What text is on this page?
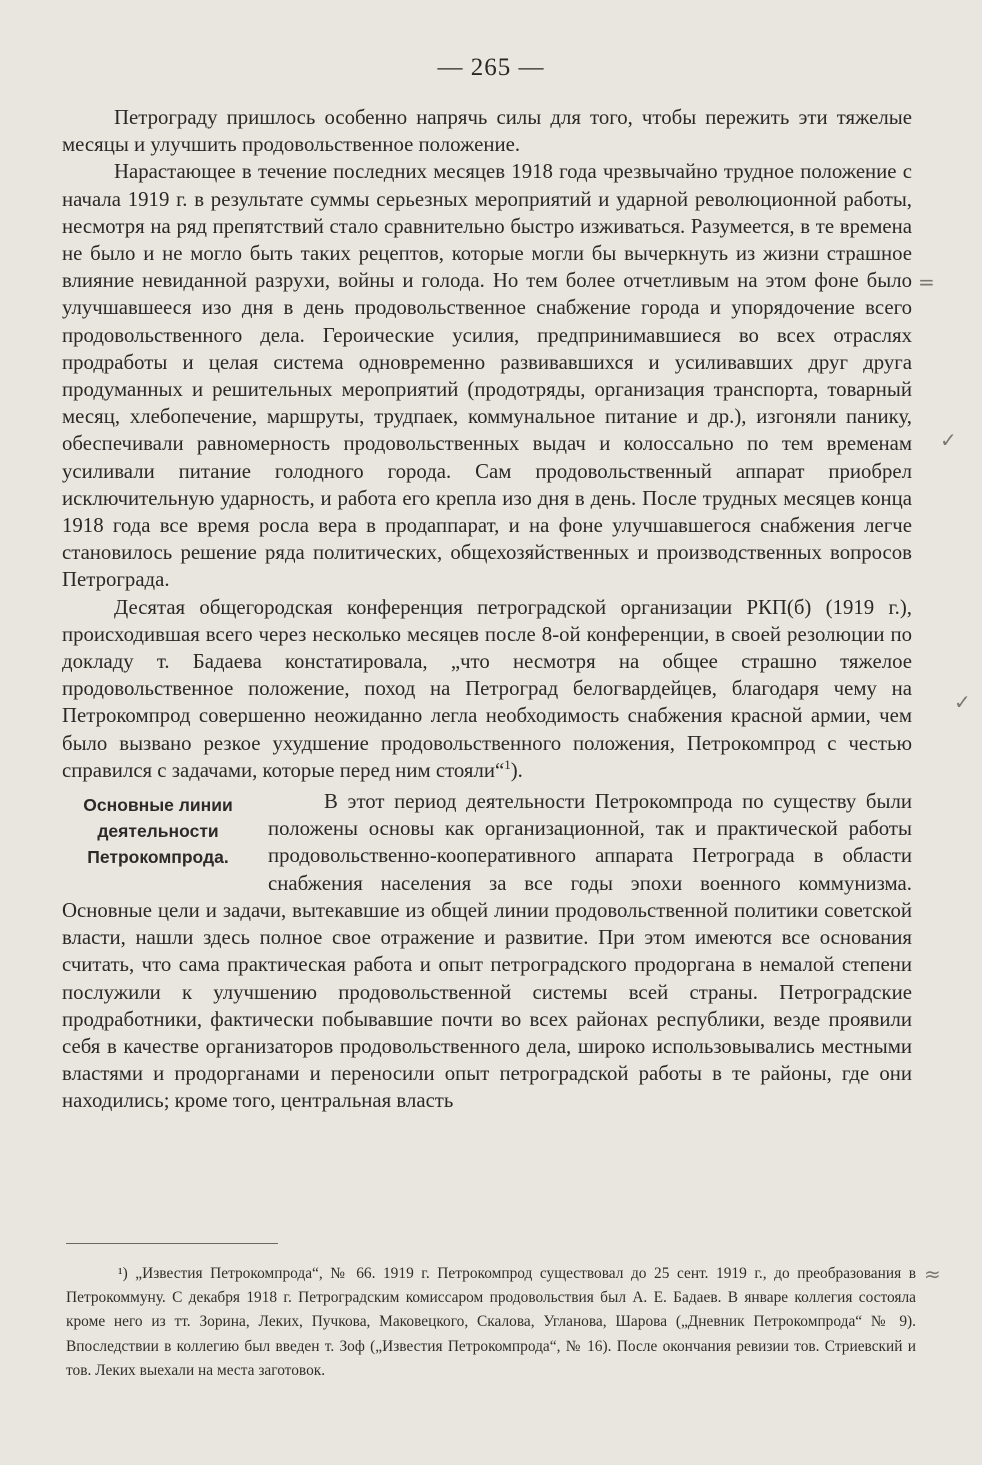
— 265 —

Петрограду пришлось особенно напрячь силы для того, чтобы пережить эти тяжелые месяцы и улучшить продовольственное положение.

Нарастающее в течение последних месяцев 1918 года чрезвычайно трудное положение с начала 1919 г. в результате суммы серьезных мероприятий и ударной революционной работы, несмотря на ряд препятствий стало сравнительно быстро изживаться. Разумеется, в те времена не было и не могло быть таких рецептов, которые могли бы вычеркнуть из жизни страшное влияние невиданной разрухи, войны и голода. Но тем более отчетливым на этом фоне было улучшавшееся изо дня в день продовольственное снабжение города и упорядочение всего продовольственного дела. Героические усилия, предпринимавшиеся во всех отраслях продработы и целая система одновременно развивавшихся и усиливавших друг друга продуманных и решительных мероприятий (продотряды, организация транспорта, товарный месяц, хлебопечение, маршруты, трудпаек, коммунальное питание и др.), изгоняли панику, обеспечивали равномерность продовольственных выдач и колоссально по тем временам усиливали питание голодного города. Сам продовольственный аппарат приобрел исключительную ударность, и работа его крепла изо дня в день. После трудных месяцев конца 1918 года все время росла вера в продаппарат, и на фоне улучшавшегося снабжения легче становилось решение ряда политических, общехозяйственных и производственных вопросов Петрограда.

Десятая общегородская конференция петроградской организации РКП(б) (1919 г.), происходившая всего через несколько месяцев после 8-ой конференции, в своей резолюции по докладу т. Бадаева констатировала, „что несмотря на общее страшно тяжелое продовольственное положение, поход на Петроград белогвардейцев, благодаря чему на Петрокомпрод совершенно неожиданно легла необходимость снабжения красной армии, чем было вызвано резкое ухудшение продовольственного положения, Петрокомпрод с честью справился с задачами, которые перед ним стояли“$^1$).

Основные линии деятельности Петрокомпрода.
В этот период деятельности Петрокомпрода по существу были положены основы как организационной, так и практической работы продовольственно-кооперативного аппарата Петрограда в области снабжения населения за все годы эпохи военного коммунизма. Основные цели и задачи, вытекавшие из общей линии продовольственной политики советской власти, нашли здесь полное свое отражение и развитие. При этом имеются все основания считать, что сама практическая работа и опыт петроградского продоргана в немалой степени послужили к улучшению продовольственной системы всей страны. Петроградские продработники, фактически побывавшие почти во всех районах республики, везде проявили себя в качестве организаторов продовольственного дела, широко использовывались местными властями и продорганами и переносили опыт петроградской работы в те районы, где они находились; кроме того, центральная власть

¹) „Известия Петрокомпрода“, № 66. 1919 г. Петрокомпрод существовал до 25 сент. 1919 г., до преобразования в Петрокоммуну. С декабря 1918 г. Петроградским комиссаром продовольствия был А. Е. Бадаев. В январе коллегия состояла кроме него из тт. Зорина, Леких, Пучкова, Маковецкого, Скалова, Угланова, Шарова („Дневник Петрокомпрода“ № 9). Впоследствии в коллегию был введен т. Зоф („Известия Петрокомпрода“, № 16). После окончания ревизии тов. Стриевский и тов. Леких выехали на места заготовок.
=
✓
✓
≈
